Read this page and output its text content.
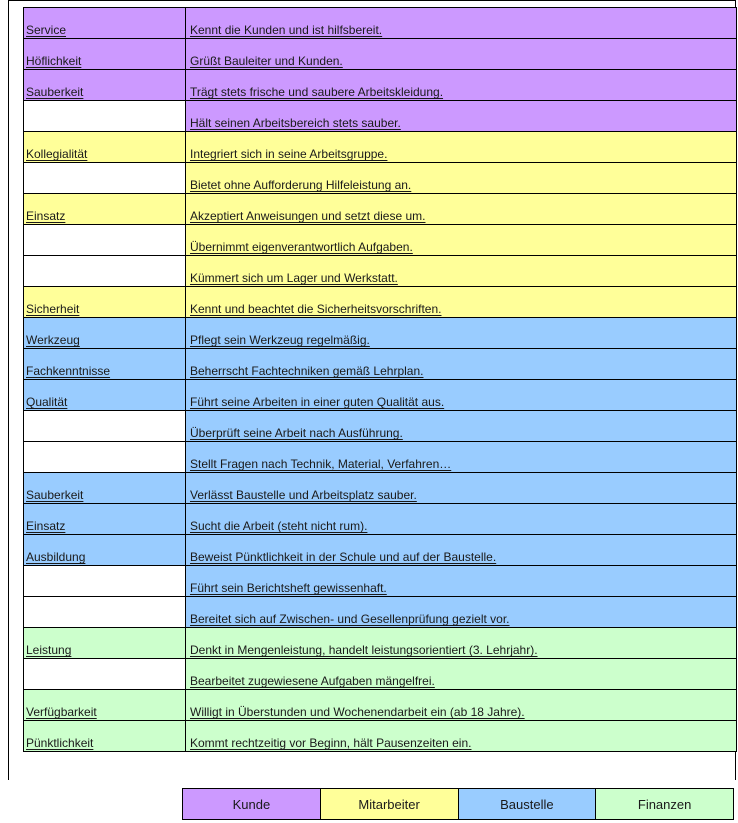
Service	Kennt die Kunden und ist hilfsbereit.
Höflichkeit	Grüßt Bauleiter und Kunden.
Sauberkeit	Trägt stets frische und saubere Arbeitskleidung.
	Hält seinen Arbeitsbereich stets sauber.
Kollegialität	Integriert sich in seine Arbeitsgruppe.
	Bietet ohne Aufforderung Hilfeleistung an.
Einsatz	Akzeptiert Anweisungen und setzt diese um.
	Übernimmt eigenverantwortlich Aufgaben.
	Kümmert sich um Lager und Werkstatt.
Sicherheit	Kennt und beachtet die Sicherheitsvorschriften.
Werkzeug	Pflegt sein Werkzeug regelmäßig.
Fachkenntnisse	Beherrscht Fachtechniken gemäß Lehrplan.
Qualität	Führt seine Arbeiten in einer guten Qualität aus.
	Überprüft seine Arbeit nach Ausführung.
	Stellt Fragen nach Technik, Material, Verfahren…
Sauberkeit	Verlässt Baustelle und Arbeitsplatz sauber.
Einsatz	Sucht die Arbeit (steht nicht rum).
Ausbildung	Beweist Pünktlichkeit in der Schule und auf der Baustelle.
	Führt sein Berichtsheft gewissenhaft.
	Bereitet sich auf Zwischen- und Gesellenprüfung gezielt vor.
Leistung	Denkt in Mengenleistung, handelt leistungsorientiert (3. Lehrjahr).
	Bearbeitet zugewiesene Aufgaben mängelfrei.
Verfügbarkeit	Willigt in Überstunden und Wochenendarbeit ein (ab 18 Jahre).
Pünktlichkeit	Kommt rechtzeitig vor Beginn, hält Pausenzeiten ein.
Kunde	Mitarbeiter	Baustelle	Finanzen
